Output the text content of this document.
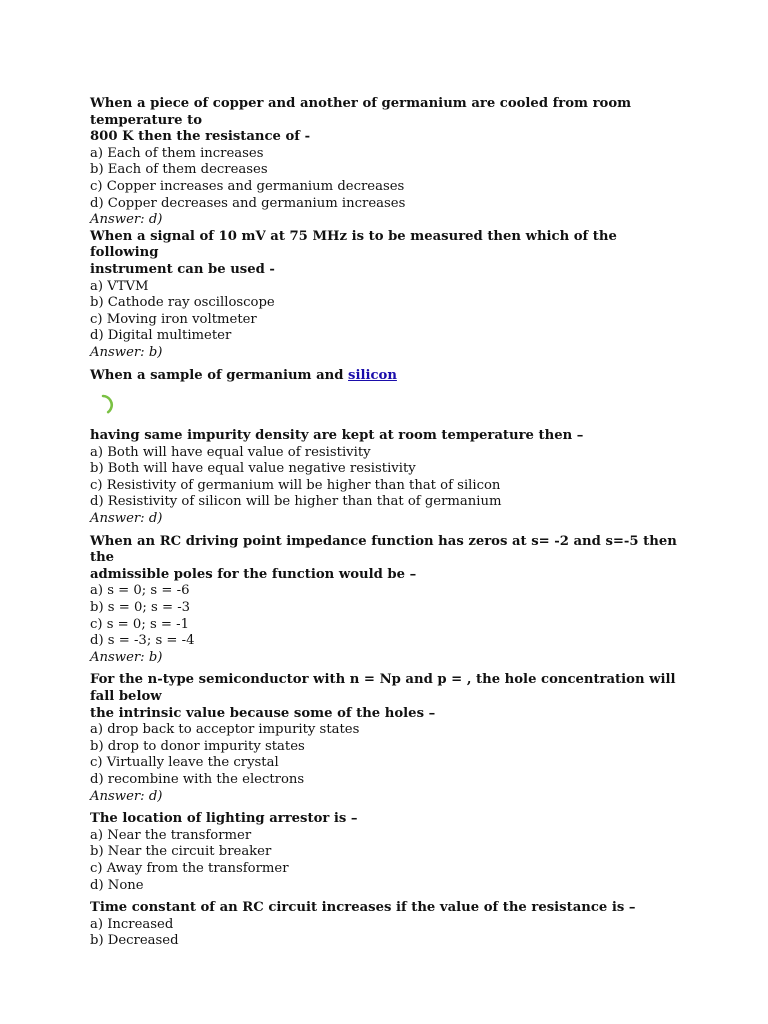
When a piece of copper and another of germanium are cooled from room temperature to
800 K then the resistance of -

a) Each of them increases

b) Each of them decreases

c) Copper increases and germanium decreases

d) Copper decreases and germanium increases

Answer: d)

When a signal of 10 mV at 75 MHz is to be measured then which of the following
instrument can be used -

a) VTVM

b) Cathode ray oscilloscope

c) Moving iron voltmeter

d) Digital multimeter

Answer: b)

When a sample of germanium and silicon

having same impurity density are kept at room temperature then –

a) Both will have equal value of resistivity

b) Both will have equal value negative resistivity

c) Resistivity of germanium will be higher than that of silicon

d) Resistivity of silicon will be higher than that of germanium

Answer: d)

When an RC driving point impedance function has zeros at s= -2 and s=-5 then the
admissible poles for the function would be –

a) s = 0; s = -6

b) s = 0; s = -3

c) s = 0; s = -1

d) s = -3; s = -4

Answer: b)

For the n-type semiconductor with n = Np and p = , the hole concentration will fall below
the intrinsic value because some of the holes –

a) drop back to acceptor impurity states

b) drop to donor impurity states

c) Virtually leave the crystal

d) recombine with the electrons

Answer: d)

The location of lighting arrestor is –

a) Near the transformer

b) Near the circuit breaker

c) Away from the transformer

d) None

Time constant of an RC circuit increases if the value of the resistance is –

a) Increased

b) Decreased
